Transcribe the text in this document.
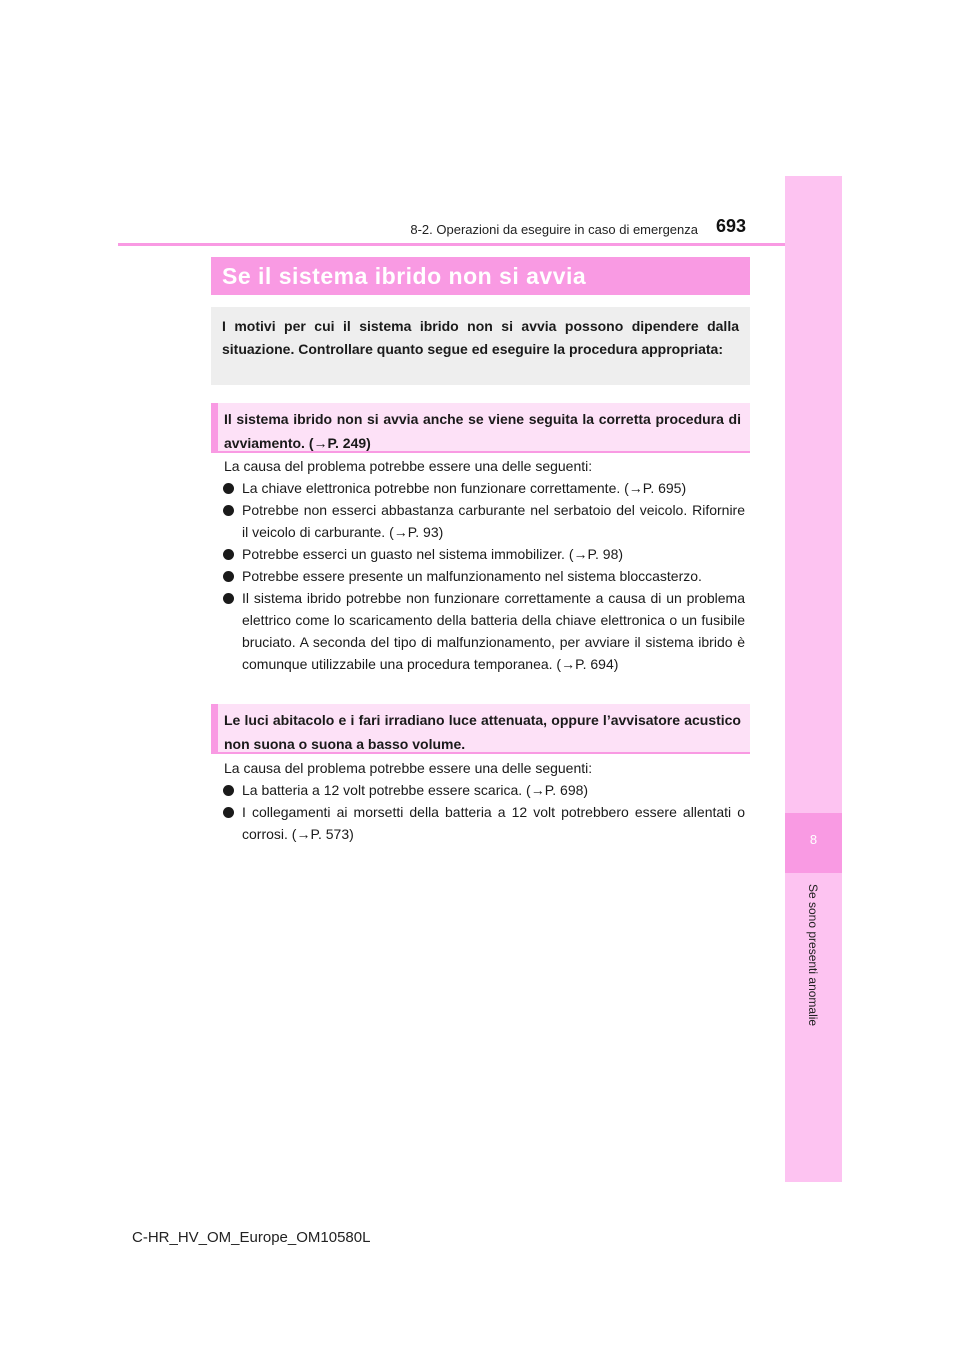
8
Se sono presenti anomalie
8-2. Operazioni da eseguire in caso di emergenza 693
Se il sistema ibrido non si avvia
I motivi per cui il sistema ibrido non si avvia possono dipendere dalla situazione. Controllare quanto segue ed eseguire la procedura appropriata:
Il sistema ibrido non si avvia anche se viene seguita la corretta procedura di avviamento. (→P. 249)
La causa del problema potrebbe essere una delle seguenti:
La chiave elettronica potrebbe non funzionare correttamente. (→P. 695)
Potrebbe non esserci abbastanza carburante nel serbatoio del veicolo. Rifornire il veicolo di carburante. (→P. 93)
Potrebbe esserci un guasto nel sistema immobilizer. (→P. 98)
Potrebbe essere presente un malfunzionamento nel sistema bloccasterzo.
Il sistema ibrido potrebbe non funzionare correttamente a causa di un problema elettrico come lo scaricamento della batteria della chiave elettronica o un fusibile bruciato. A seconda del tipo di malfunzionamento, per avviare il sistema ibrido è comunque utilizzabile una procedura temporanea. (→P. 694)
Le luci abitacolo e i fari irradiano luce attenuata, oppure l’avvisatore acustico non suona o suona a basso volume.
La causa del problema potrebbe essere una delle seguenti:
La batteria a 12 volt potrebbe essere scarica. (→P. 698)
I collegamenti ai morsetti della batteria a 12 volt potrebbero essere allentati o corrosi. (→P. 573)
C-HR_HV_OM_Europe_OM10580L
